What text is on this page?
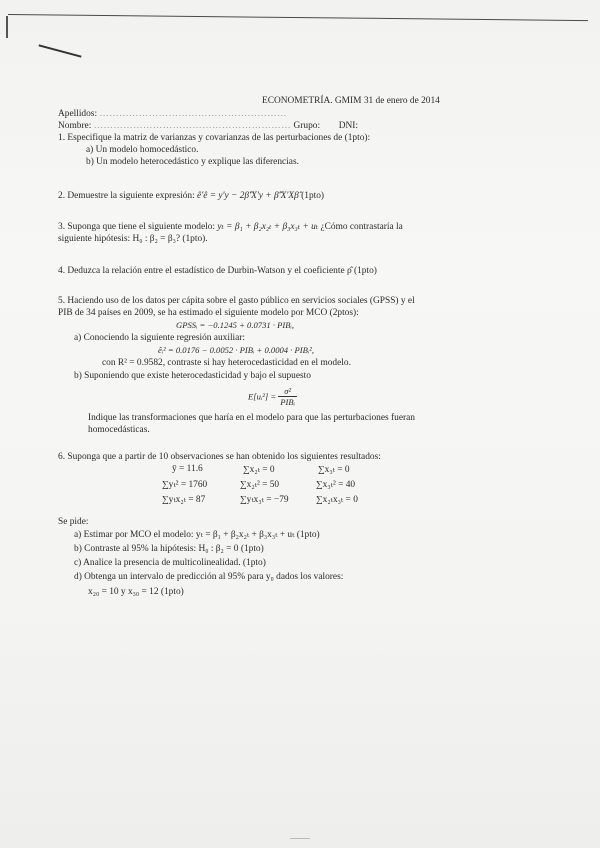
ECONOMETRÍA. GMIM 31 de enero de 2014
Apellidos: …………………………………………………
Nombre: …………………………………………………… Grupo: DNI:
1. Especifique la matriz de varianzas y covarianzas de las perturbaciones de (1pto):
a) Un modelo homocedástico.
b) Un modelo heterocedástico y explique las diferencias.
2. Demuestre la siguiente expresión: ê'ê = y'y − 2β̂'X'y + β̂'X'Xβ̂ (1pto)
3. Suponga que tiene el siguiente modelo: yₜ = β₁ + β₂x₂ₜ + β₃x₃ₜ + uₜ ¿Cómo contrastaría la
siguiente hipótesis: H₀ : β₂ = β₃? (1pto).
4. Deduzca la relación entre el estadístico de Durbin-Watson y el coeficiente ρ̂ (1pto)
5. Haciendo uso de los datos per cápita sobre el gasto público en servicios sociales (GPSS) y el
PIB de 34 países en 2009, se ha estimado el siguiente modelo por MCO (2ptos):
GPSSᵢ = −0.1245 + 0.0731 · PIBᵢ,
a) Conociendo la siguiente regresión auxiliar:
êᵢ² = 0.0176 − 0.0052 · PIBᵢ + 0.0004 · PIBᵢ²,
con R² = 0.9582, contraste si hay heterocedasticidad en el modelo.
b) Suponiendo que existe heterocedasticidad y bajo el supuesto
E[uᵢ²] =
σ²
PIBᵢ
Indique las transformaciones que haría en el modelo para que las perturbaciones fueran
homocedásticas.
6. Suponga que a partir de 10 observaciones se han obtenido los siguientes resultados:
ȳ = 11.6	∑x₂ₜ = 0	∑x₃ₜ = 0
∑yₜ² = 1760	∑x₂ₜ² = 50	∑x₃ₜ² = 40
∑yₜx₂ₜ = 87	∑yₜx₃ₜ = −79	∑x₂ₜx₃ₜ = 0
Se pide:
a) Estimar por MCO el modelo: yₜ = β₁ + β₂x₂ₜ + β₃x₃ₜ + uₜ (1pto)
b) Contraste al 95% la hipótesis: H₀ : β₂ = 0 (1pto)
c) Analice la presencia de multicolinealidad. (1pto)
d) Obtenga un intervalo de predicción al 95% para y₀ dados los valores:
x₂₀ = 10 y x₃₀ = 12 (1pto)
